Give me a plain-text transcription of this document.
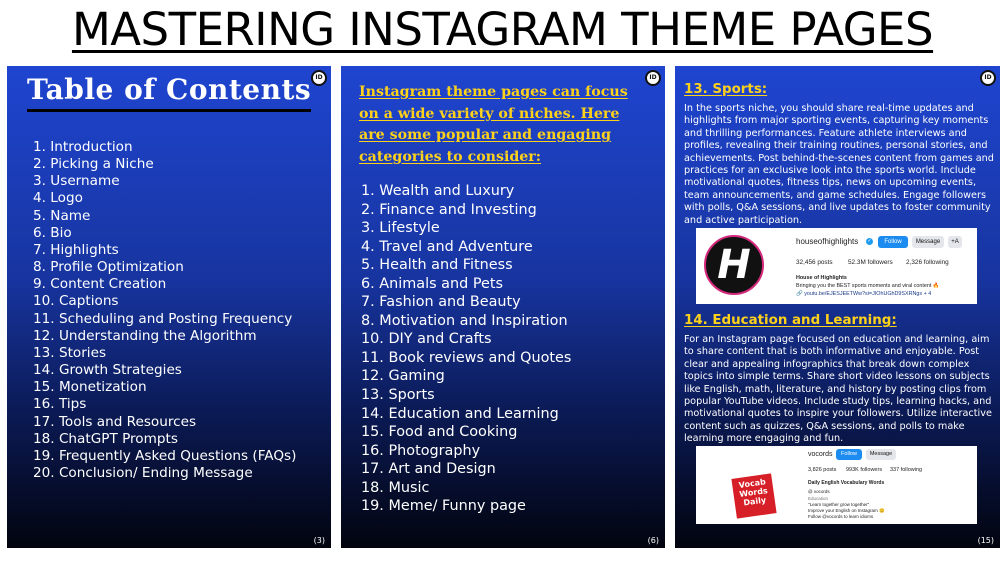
MASTERING INSTAGRAM THEME PAGES
ID
Table of Contents
1. Introduction
2. Picking a Niche
3. Username
4. Logo
5. Name
6. Bio
7. Highlights
8. Profile Optimization
9. Content Creation
10. Captions
11. Scheduling and Posting Frequency
12. Understanding the Algorithm
13. Stories
14. Growth Strategies
15. Monetization
16. Tips
17. Tools and Resources
18. ChatGPT Prompts
19. Frequently Asked Questions (FAQs)
20. Conclusion/ Ending Message
(3)
ID

Instagram theme pages can focus on a wide variety of niches. Here are some popular and engaging categories to consider:

1. Wealth and Luxury
2. Finance and Investing
3. Lifestyle
4. Travel and Adventure
5. Health and Fitness
6. Animals and Pets
7. Fashion and Beauty
8. Motivation and Inspiration
10. DIY and Crafts
11. Book reviews and Quotes
12. Gaming
13. Sports
14. Education and Learning
15. Food and Cooking
16. Photography
17. Art and Design
18. Music
19. Meme/ Funny page
(6)
ID
13. Sports:

In the sports niche, you should share real-time updates and highlights from major sporting events, capturing key moments and thrilling performances. Feature athlete interviews and profiles, revealing their training routines, personal stories, and achievements. Post behind-the-scenes content from games and practices for an exclusive look into the sports world. Include motivational quotes, fitness tips, news on upcoming events, team announcements, and game schedules. Engage followers with polls, Q&A sessions, and live updates to foster community and active participation.

H
houseofhighlights ✓	Follow	Message	+A
32,456 posts 52.3M followers 2,326 following
House of Highlights
Bringing you the BEST sports moments and viral content 🔥
🔗 youtu.be/EJESJEETWw?si=JIOhUGhD9SXRNgs + 4
14. Education and Learning:

For an Instagram page focused on education and learning, aim to share content that is both informative and enjoyable. Post clear and appealing infographics that break down complex topics into simple terms. Share short video lessons on subjects like English, math, literature, and history by posting clips from popular YouTube videos. Include study tips, learning hacks, and motivational quotes to inspire your followers. Utilize interactive content such as quizzes, Q&A sessions, and polls to make learning more engaging and fun.

Vocab Words Daily
vocords	Follow	Message
3,826 posts 993K followers 337 following
Daily English Vocabulary Words
@ vocords
Education
"Learn together grow together"
Improve your English on Instagram 😊
Follow @vocords to learn idioms
(15)
